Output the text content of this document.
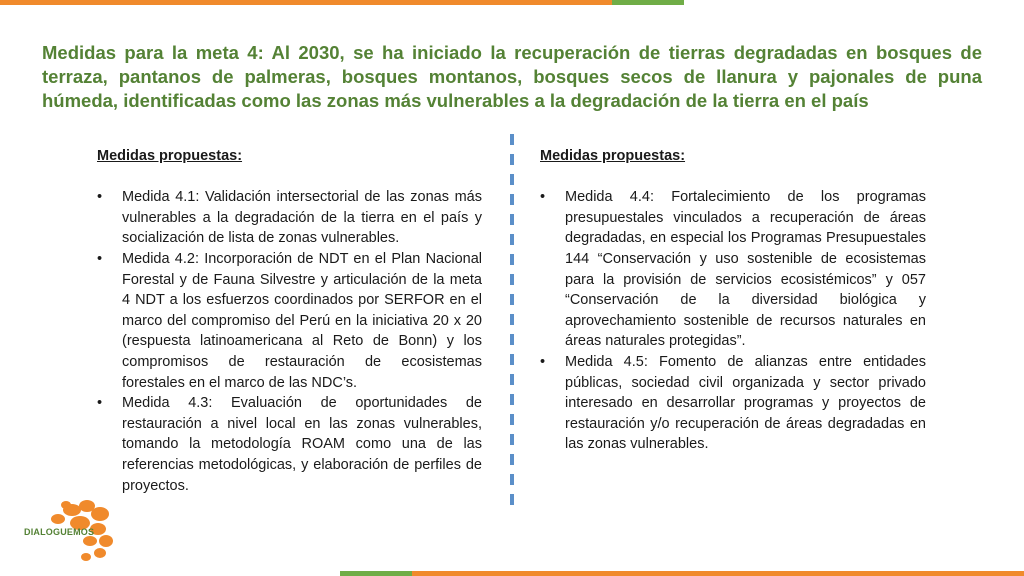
Medidas para la meta 4: Al 2030, se ha iniciado la recuperación de tierras degradadas en bosques de terraza, pantanos de palmeras, bosques montanos, bosques secos de llanura y pajonales de puna húmeda, identificadas como las zonas más vulnerables a la degradación de la tierra en el país
Medidas propuestas:
• Medida 4.1: Validación intersectorial de las zonas más vulnerables a la degradación de la tierra en el país y socialización de lista de zonas vulnerables.
• Medida 4.2: Incorporación de NDT en el Plan Nacional Forestal y de Fauna Silvestre y articulación de la meta 4 NDT a los esfuerzos coordinados por SERFOR en el marco del compromiso del Perú en la iniciativa 20 x 20 (respuesta latinoamericana al Reto de Bonn) y los compromisos de restauración de ecosistemas forestales en el marco de las NDC’s.
• Medida 4.3: Evaluación de oportunidades de restauración a nivel local en las zonas vulnerables, tomando la metodología ROAM como una de las referencias metodológicas, y elaboración de perfiles de proyectos.
Medidas propuestas:
• Medida 4.4: Fortalecimiento de los programas presupuestales vinculados a recuperación de áreas degradadas, en especial los Programas Presupuestales 144 “Conservación y uso sostenible de ecosistemas para la provisión de servicios ecosistémicos” y 057 “Conservación de la diversidad biológica y aprovechamiento sostenible de recursos naturales en áreas naturales protegidas”.
• Medida 4.5: Fomento de alianzas entre entidades públicas, sociedad civil organizada y sector privado interesado en desarrollar programas y proyectos de restauración y/o recuperación de áreas degradadas en las zonas vulnerables.
DIALOGUEMOS
